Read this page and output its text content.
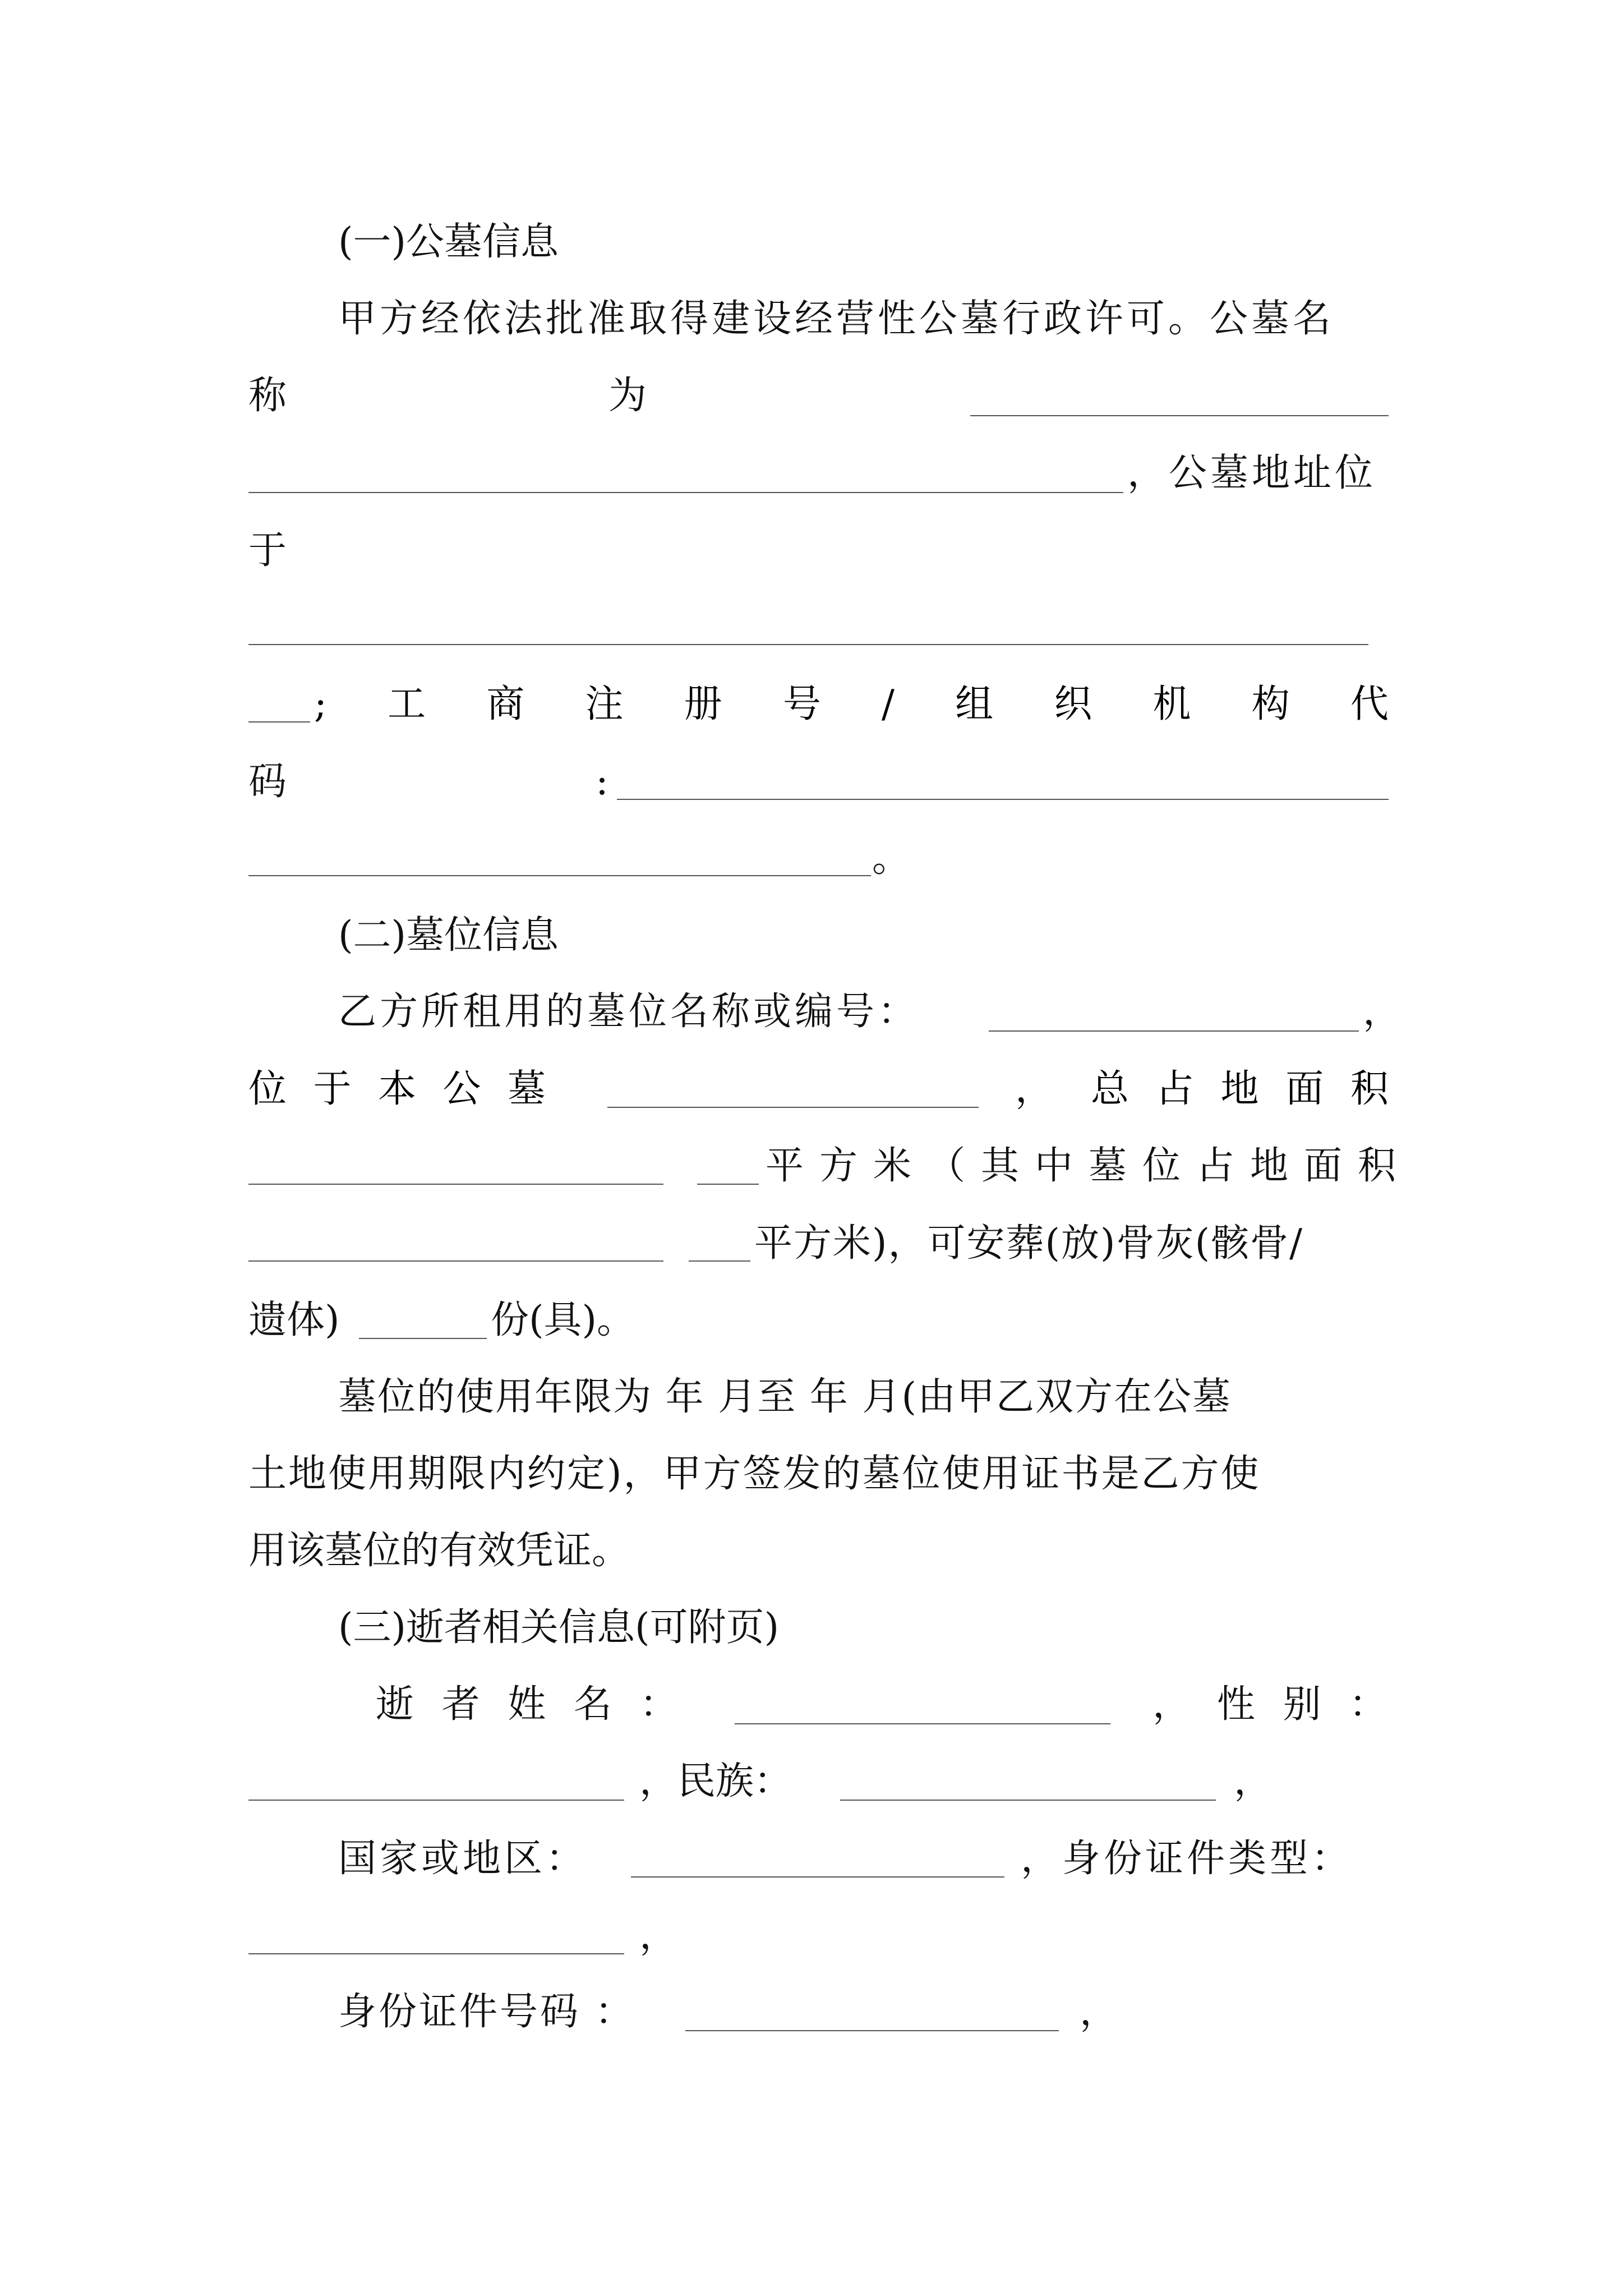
(一)公墓信息
甲方经依法批准取得建设经营性公墓行政许可。公墓名
称	为
，公墓地址位
于
; 工 商 注 册 号 / 组 织 机 构 代
码	:
。
(二)墓位信息
乙方所租用的墓位名称或编号：	，
位 于 本 公 墓	， 总 占 地 面 积
平方米（其中墓位占地面积
平方米)，可安葬(放)骨灰(骸骨/
遗体)	份(具)。
墓位的使用年限为 年 月至 年 月(由甲乙双方在公墓
土地使用期限内约定)，甲方签发的墓位使用证书是乙方使
用该墓位的有效凭证。
(三)逝者相关信息(可附页)
逝 者 姓 名 ：	， 性 别 ：
，民族：	，
国家或地区：	，身份证件类型：
，
身份证件号码 ：	，
